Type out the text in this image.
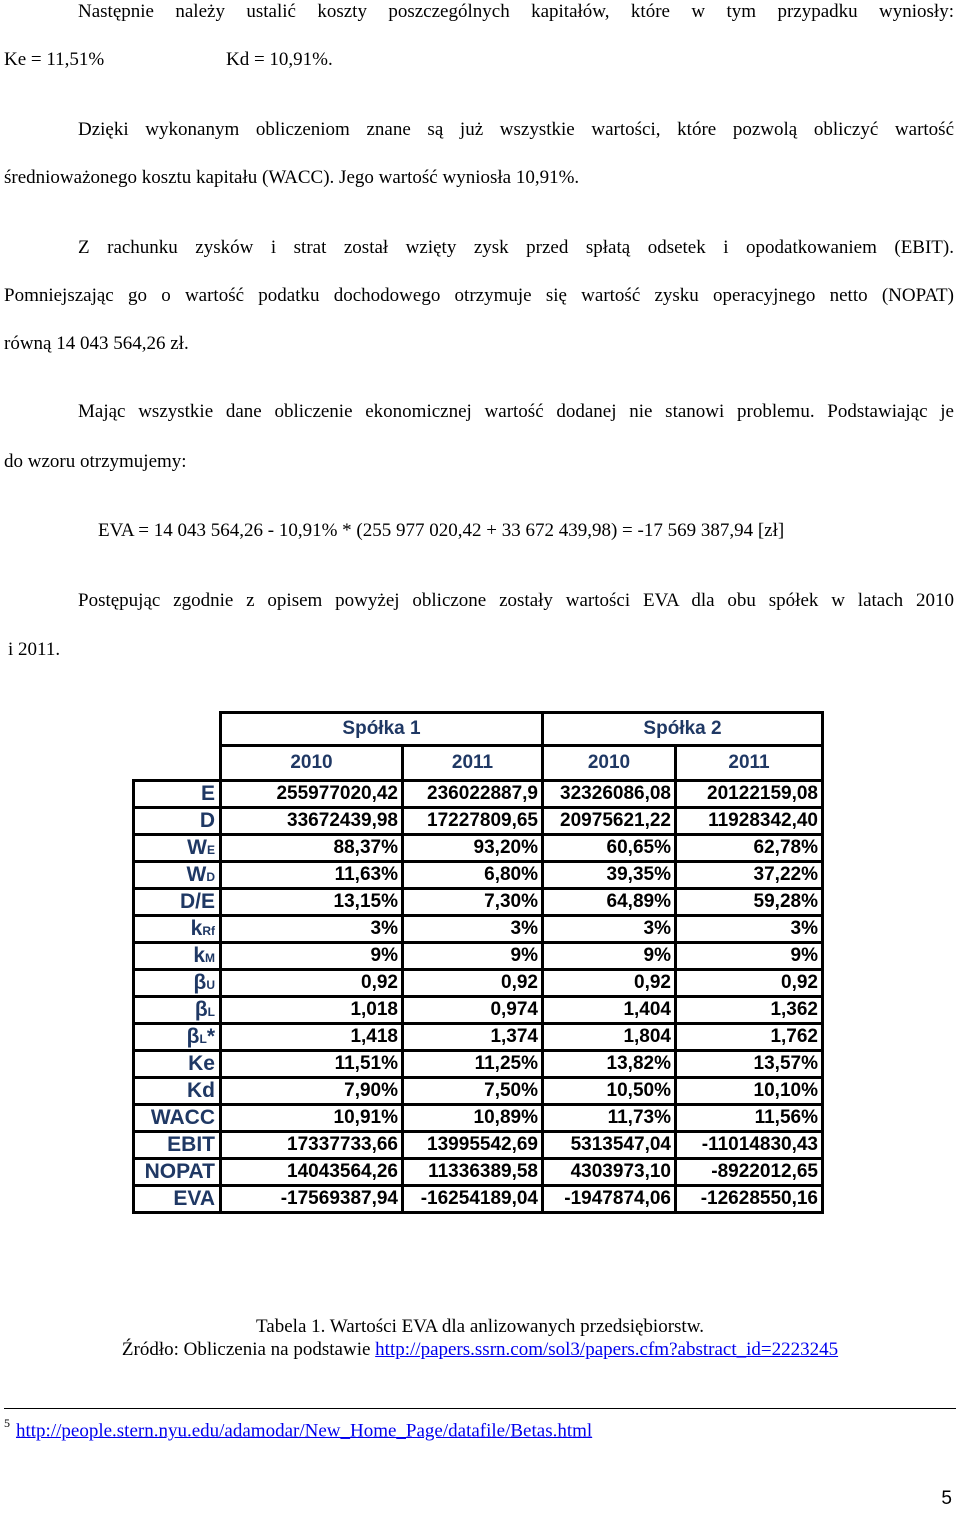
Następnie należy ustalić koszty poszczególnych kapitałów, które w tym przypadku wyniosły:
Ke = 11,51%	Kd = 10,91%.
Dzięki wykonanym obliczeniom znane są już wszystkie wartości, które pozwolą obliczyć wartość
średnioważonego kosztu kapitału (WACC). Jego wartość wyniosła 10,91%.
Z rachunku zysków i strat został wzięty zysk przed spłatą odsetek i opodatkowaniem (EBIT).
Pomniejszając go o wartość podatku dochodowego otrzymuje się wartość zysku operacyjnego netto (NOPAT)
równą 14 043 564,26 zł.
Mając wszystkie dane obliczenie ekonomicznej wartość dodanej nie stanowi problemu. Podstawiając je
do wzoru otrzymujemy:
EVA = 14 043 564,26 - 10,91% * (255 977 020,42 + 33 672 439,98) = -17 569 387,94 [zł]
Postępując zgodnie z opisem powyżej obliczone zostały wartości EVA dla obu spółek w latach 2010
i 2011.
	Spółka 1		Spółka 2	
	2010	2011	2010	2011
E	255977020,42	236022887,9	32326086,08	20122159,08
D	33672439,98	17227809,65	20975621,22	11928342,40
WE	88,37%	93,20%	60,65%	62,78%
WD	11,63%	6,80%	39,35%	37,22%
D/E	13,15%	7,30%	64,89%	59,28%
kRf	3%	3%	3%	3%
kM	9%	9%	9%	9%
βU	0,92	0,92	0,92	0,92
βL	1,018	0,974	1,404	1,362
βL*	1,418	1,374	1,804	1,762
Ke	11,51%	11,25%	13,82%	13,57%
Kd	7,90%	7,50%	10,50%	10,10%
WACC	10,91%	10,89%	11,73%	11,56%
EBIT	17337733,66	13995542,69	5313547,04	-11014830,43
NOPAT	14043564,26	11336389,58	4303973,10	-8922012,65
EVA	-17569387,94	-16254189,04	-1947874,06	-12628550,16
Tabela 1. Wartości EVA dla anlizowanych przedsiębiorstw.
Źródło: Obliczenia na podstawie http://papers.ssrn.com/sol3/papers.cfm?abstract_id=2223245
$^5$ http://people.stern.nyu.edu/adamodar/New_Home_Page/datafile/Betas.html
5
